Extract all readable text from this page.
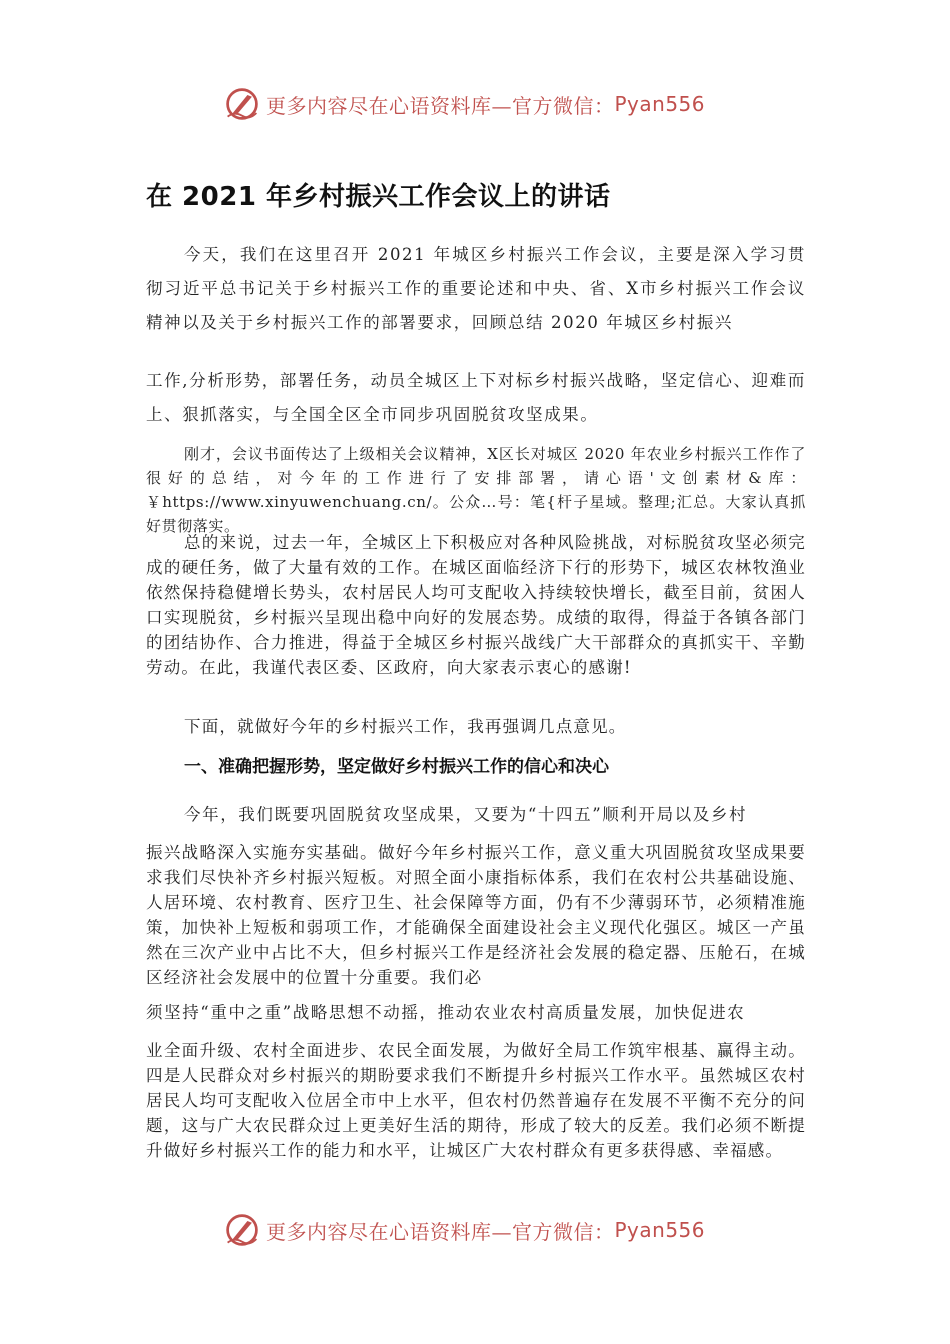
更多内容尽在心语资料库—官方微信： Pyan556
在 2021 年乡村振兴工作会议上的讲话

今天，我们在这里召开 2021 年城区乡村振兴工作会议，主要是深入学习贯彻习近平总书记关于乡村振兴工作的重要论述和中央、省、X市乡村振兴工作会议精神以及关于乡村振兴工作的部署要求，回顾总结 2020 年城区乡村振兴

工作,分析形势，部署任务，动员全城区上下对标乡村振兴战略，坚定信心、迎难而上、狠抓落实，与全国全区全市同步巩固脱贫攻坚成果。

刚才，会议书面传达了上级相关会议精神，X区长对城区 2020 年农业乡村振兴工作作了很好的总结，对今年的工作进行了安排部署，请心语'文创素材&库：￥https://www.xinyuwenchuang.cn/。公众…号：笔{杆子星域。整理;汇总。大家认真抓好贯彻落实。

总的来说，过去一年，全城区上下积极应对各种风险挑战，对标脱贫攻坚必须完成的硬任务，做了大量有效的工作。在城区面临经济下行的形势下，城区农林牧渔业依然保持稳健增长势头，农村居民人均可支配收入持续较快增长，截至目前，贫困人口实现脱贫，乡村振兴呈现出稳中向好的发展态势。成绩的取得，得益于各镇各部门的团结协作、合力推进，得益于全城区乡村振兴战线广大干部群众的真抓实干、辛勤劳动。在此，我谨代表区委、区政府，向大家表示衷心的感谢!

下面，就做好今年的乡村振兴工作，我再强调几点意见。

一、准确把握形势，坚定做好乡村振兴工作的信心和决心

今年，我们既要巩固脱贫攻坚成果，又要为“十四五”顺利开局以及乡村

振兴战略深入实施夯实基础。做好今年乡村振兴工作，意义重大巩固脱贫攻坚成果要求我们尽快补齐乡村振兴短板。对照全面小康指标体系，我们在农村公共基础设施、人居环境、农村教育、医疗卫生、社会保障等方面，仍有不少薄弱环节，必须精准施策，加快补上短板和弱项工作，才能确保全面建设社会主义现代化强区。城区一产虽然在三次产业中占比不大，但乡村振兴工作是经济社会发展的稳定器、压舱石，在城区经济社会发展中的位置十分重要。我们必

须坚持“重中之重”战略思想不动摇，推动农业农村高质量发展，加快促进农

业全面升级、农村全面进步、农民全面发展，为做好全局工作筑牢根基、赢得主动。四是人民群众对乡村振兴的期盼要求我们不断提升乡村振兴工作水平。虽然城区农村居民人均可支配收入位居全市中上水平，但农村仍然普遍存在发展不平衡不充分的问题，这与广大农民群众过上更美好生活的期待，形成了较大的反差。我们必须不断提升做好乡村振兴工作的能力和水平，让城区广大农村群众有更多获得感、幸福感。

更多内容尽在心语资料库—官方微信： Pyan556
